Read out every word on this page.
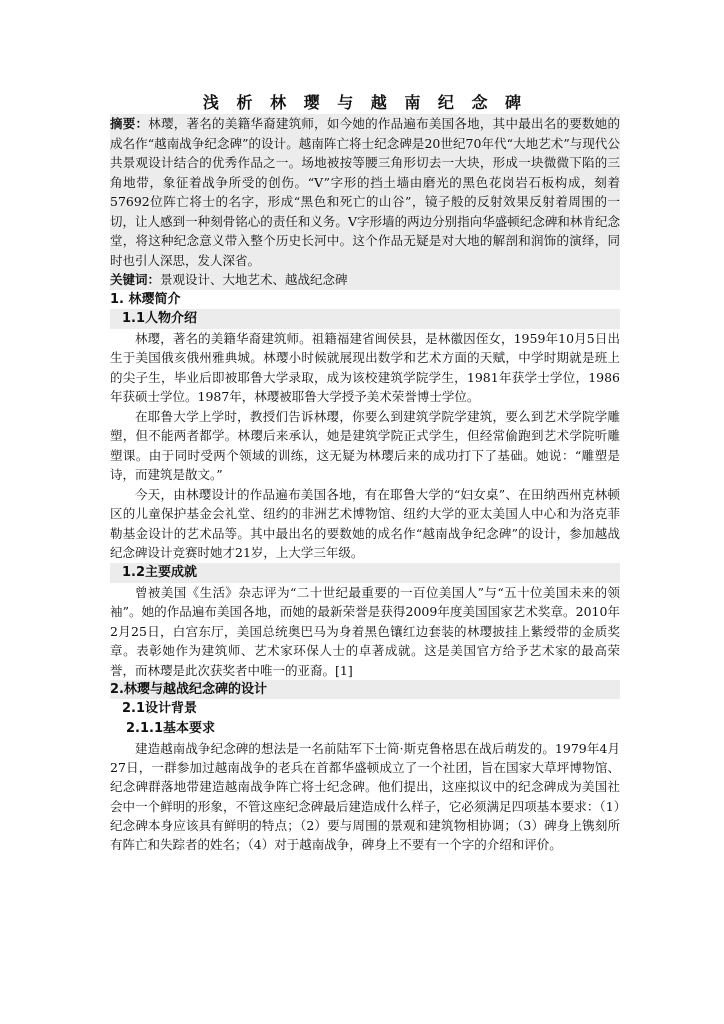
浅 析 林 璎 与 越 南 纪 念 碑
摘要：林璎，著名的美籍华裔建筑师，如今她的作品遍布美国各地，其中最出名的要数她的成名作“越南战争纪念碑”的设计。越南阵亡将士纪念碑是20世纪70年代“大地艺术”与现代公共景观设计结合的优秀作品之一。场地被按等腰三角形切去一大块，形成一块微微下陷的三角地带，象征着战争所受的创伤。“V”字形的挡土墙由磨光的黑色花岗岩石板构成，刻着57692位阵亡将士的名字，形成“黑色和死亡的山谷”，镜子般的反射效果反射着周围的一切，让人感到一种刻骨铭心的责任和义务。V字形墙的两边分别指向华盛顿纪念碑和林肯纪念堂，将这种纪念意义带入整个历史长河中。这个作品无疑是对大地的解剖和润饰的演绎，同时也引人深思，发人深省。
关键词：景观设计、大地艺术、越战纪念碑
1. 林璎简介
1.1人物介绍

林璎，著名的美籍华裔建筑师。祖籍福建省闽侯县，是林徽因侄女，1959年10月5日出生于美国俄亥俄州雅典城。林璎小时候就展现出数学和艺术方面的天赋，中学时期就是班上的尖子生，毕业后即被耶鲁大学录取，成为该校建筑学院学生，1981年获学士学位，1986年获硕士学位。1987年，林璎被耶鲁大学授予美术荣誉博士学位。

在耶鲁大学上学时，教授们告诉林璎，你要么到建筑学院学建筑，要么到艺术学院学雕塑，但不能两者都学。林璎后来承认，她是建筑学院正式学生，但经常偷跑到艺术学院听雕塑课。由于同时受两个领域的训练，这无疑为林璎后来的成功打下了基础。她说：“雕塑是诗，而建筑是散文。”

今天，由林璎设计的作品遍布美国各地，有在耶鲁大学的“妇女桌”、在田纳西州克林顿区的儿童保护基金会礼堂、纽约的非洲艺术博物馆、纽约大学的亚太美国人中心和为洛克菲勒基金设计的艺术品等。其中最出名的要数她的成名作“越南战争纪念碑”的设计，参加越战纪念碑设计竞赛时她才21岁，上大学三年级。

1.2主要成就

曾被美国《生活》杂志评为“二十世纪最重要的一百位美国人”与“五十位美国未来的领袖”。她的作品遍布美国各地，而她的最新荣誉是获得2009年度美国国家艺术奖章。2010年2月25日，白宫东厅，美国总统奥巴马为身着黑色镶红边套装的林璎披挂上紫绶带的金质奖章。表彰她作为建筑师、艺术家环保人士的卓著成就。这是美国官方给予艺术家的最高荣誉，而林璎是此次获奖者中唯一的亚裔。[1]

2.林璎与越战纪念碑的设计
2.1设计背景
2.1.1基本要求

建造越南战争纪念碑的想法是一名前陆军下士简·斯克鲁格思在战后萌发的。1979年4月27日，一群参加过越南战争的老兵在首都华盛顿成立了一个社团，旨在国家大草坪博物馆、纪念碑群落地带建造越南战争阵亡将士纪念碑。他们提出，这座拟议中的纪念碑成为美国社会中一个鲜明的形象，不管这座纪念碑最后建造成什么样子，它必须满足四项基本要求：（1）纪念碑本身应该具有鲜明的特点；（2）要与周围的景观和建筑物相协调；（3）碑身上镌刻所有阵亡和失踪者的姓名；（4）对于越南战争，碑身上不要有一个字的介绍和评价。
